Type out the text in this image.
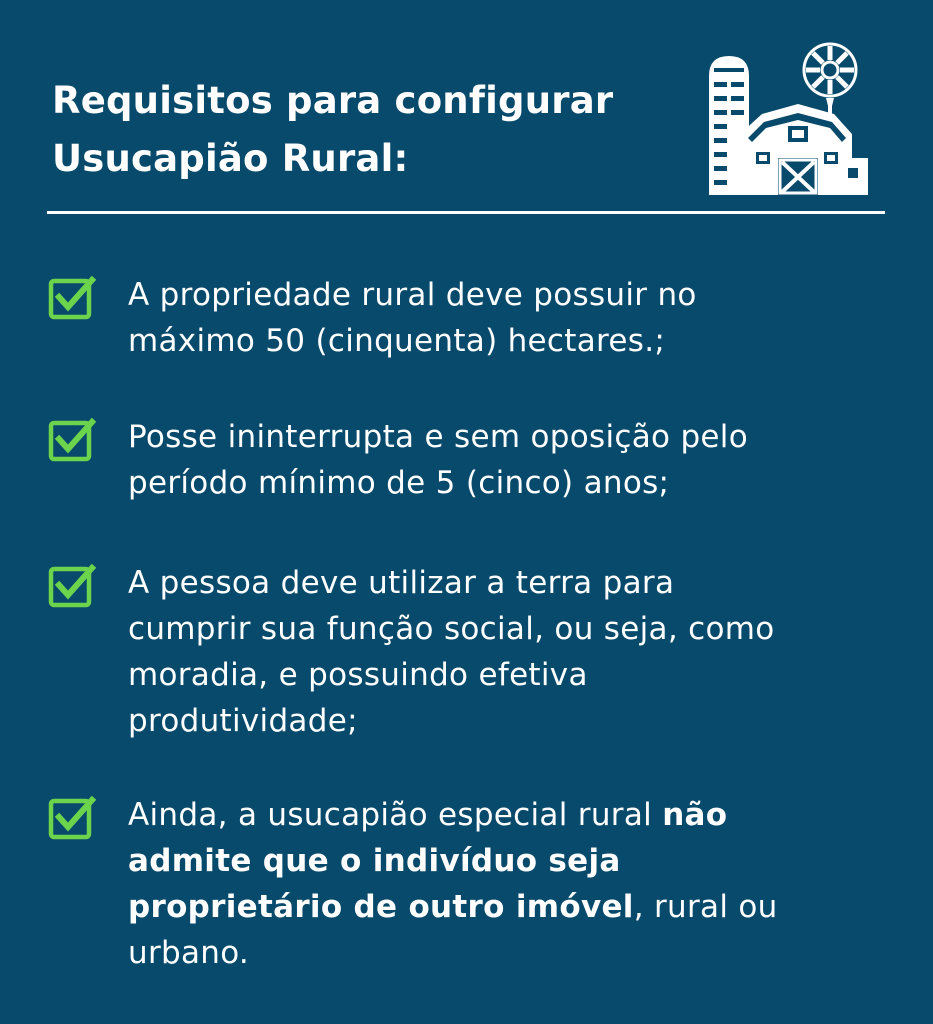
Requisitos para configurar
Usucapião Rural:

A propriedade rural deve possuir no
máximo 50 (cinquenta) hectares.;

Posse ininterrupta e sem oposição pelo
período mínimo de 5 (cinco) anos;

A pessoa deve utilizar a terra para
cumprir sua função social, ou seja, como
moradia, e possuindo efetiva
produtividade;

Ainda, a usucapião especial rural não
admite que o indivíduo seja
proprietário de outro imóvel, rural ou
urbano.
